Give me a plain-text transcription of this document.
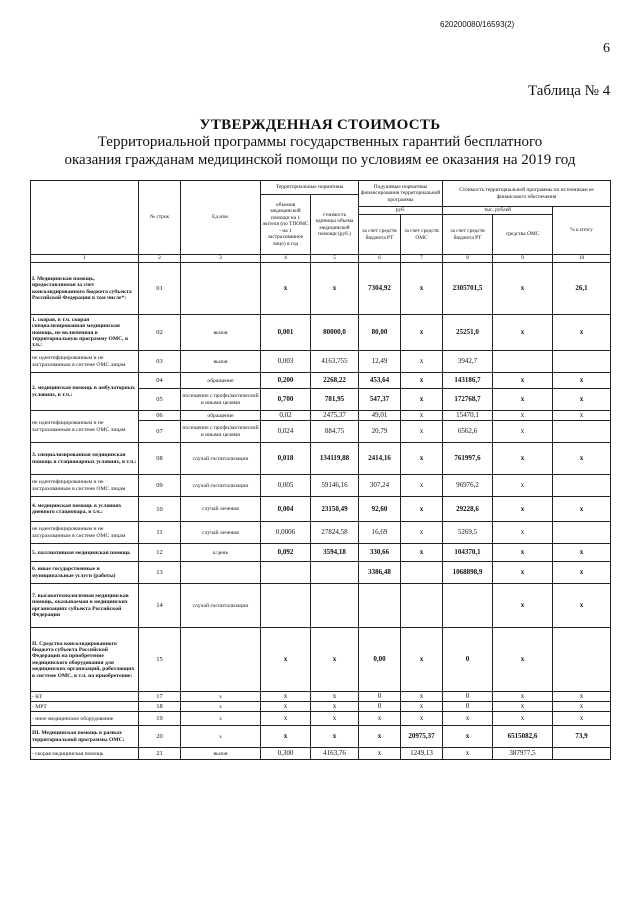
620200080/16593(2)
6
Таблица № 4
УТВЕРЖДЕННАЯ СТОИМОСТЬ
Территориальной программы государственных гарантий бесплатного
оказания гражданам медицинской помощи по условиям ее оказания на 2019 год
	№ строк	Ед.изм.	Территориальные нормативы		Подушевые нормативы финансирования территориальной программы		Стоимость территориальной программы по источникам ее финансового обеспечения		
			объемов медицинской помощи на 1 жителя (по ТПОМС - на 1 застрахованное лицо) в год	стоимость единицы объема медицинской помощи (руб.)					
					руб.		тыс. рублей		% к итогу
					за счет средств бюджета РТ	за счет средств ОМС	за счет средств бюджета РТ	средства ОМС	
1	2	3	4	5	6	7	8	9	10
I. Медицинская помощь, предоставляемая за счет консолидированного бюджета субъекта Российской Федерации в том числе*:	01		х	х	7304,92	х	2305701,5	х	26,1
1. скорая, в т.ч. скорая специализированная медицинская помощь, не включенная в территориальную программу ОМС, в т.ч.:	02	вызов	0,001	80000,0	80,00	х	25251,0	х	х
не идентифицированным и не застрахованным в системе ОМС лицам	03	вызов	0,003	4163,755	12,49	х	3942,7		
2. медицинская помощь в амбулаторных условиях, в т.ч.:	04	обращение	0,200	2268,22	453,64	х	143186,7	х	х
	05	посещение с профилактической и иными целями	0,700	781,95	547,37	х	172768,7	х	х
не идентифицированным и не застрахованным в системе ОМС лицам	06	обращение	0,02	2475,37	49,01	х	15470,1	х	х
	07	посещение с профилактической и иными целями	0,024	884,75	20,79	х	6562,6	х	
3. специализированная медицинская помощь в стационарных условиях, в т.ч.:	08	случай госпитализации	0,018	134119,88	2414,16	х	761997,6	х	х
не идентифицированным и не застрахованным в системе ОМС лицам	09	случай госпитализации	0,005	59146,16	307,24	х	96976,2	х	
4. медицинская помощь в условиях дневного стационара, в т.ч.:	10	случай лечения	0,004	23150,49	92,60	х	29228,6	х	х
не идентифицированным и не застрахованным в системе ОМС лицам	11	случай лечения	0,0006	27824,58	16,69	х	5269,5	х	
5. паллиативная медицинская помощь	12	к/день	0,092	3594,18	330,66	х	104370,1	х	х
6. иные государственные и муниципальные услуги (работы)	13				3386,48		1068898,9	х	х
7. высокотехнологичная медицинская помощь, оказываемая в медицинских организациях субъекта Российской Федерации	14	случай госпитализации						х	х
II. Средства консолидированного бюджета субъекта Российской Федерации на приобретение медицинского оборудования для медицинских организаций, работающих в системе ОМС, в т.ч. на приобретение:	15		х	х	0,00	х	0	х	
- КТ	17	х	х	х	0	х	0	х	х
- МРТ	18	х	х	х	0	х	0	х	х
- иное медицинское оборудование	19	х	х	х	х	х	х	х	х
III. Медицинская помощь в рамках территориальной программы ОМС:	20	х	х	х	х	20975,37	х	6515082,6	73,9
- скорая медицинская помощь	21	вызов	0,300	4163,76	х	1249,13	х	387977,5	
